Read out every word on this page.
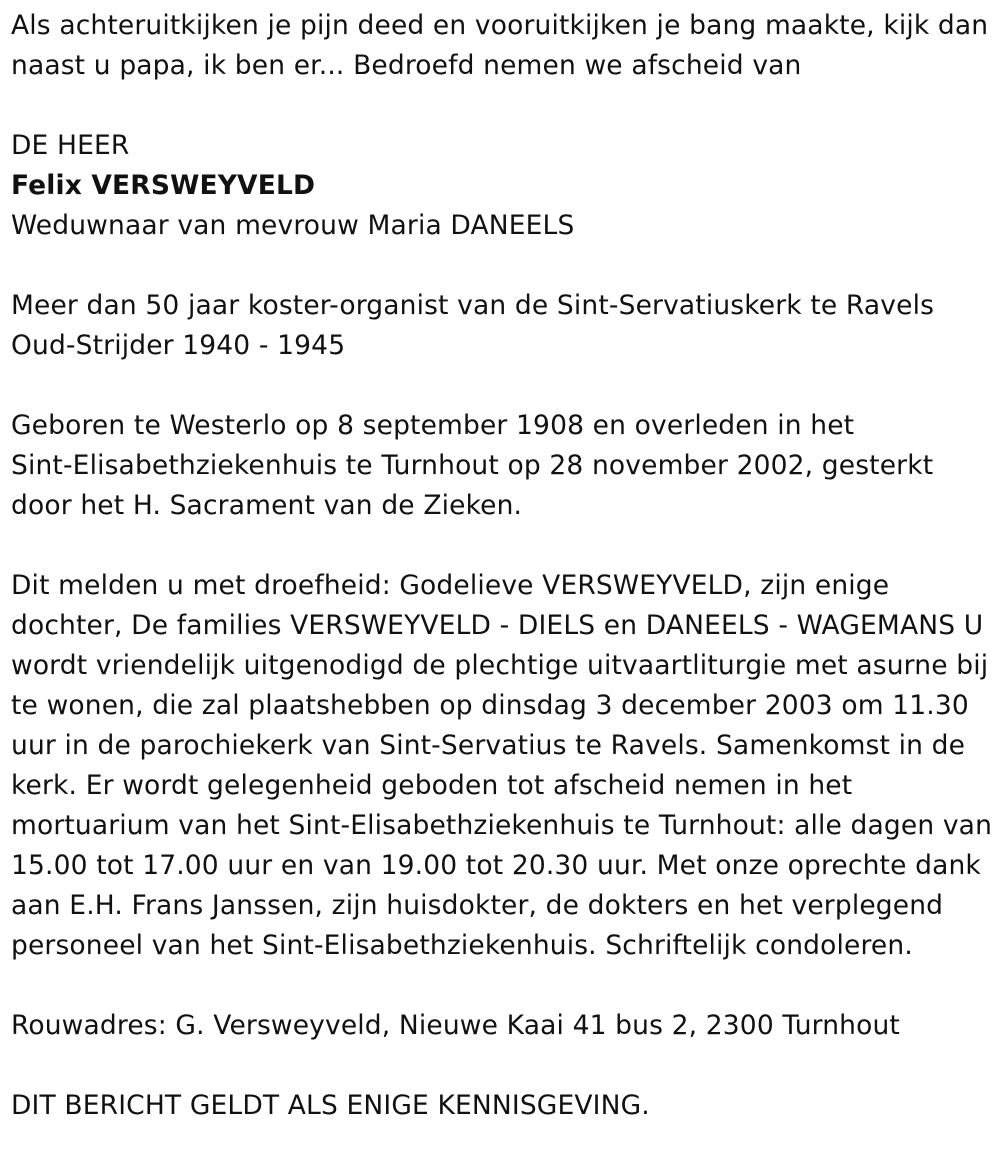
Als achteruitkijken je pijn deed en vooruitkijken je bang maakte, kijk dan
naast u papa, ik ben er... Bedroefd nemen we afscheid van

DE HEER
Felix VERSWEYVELD
Weduwnaar van mevrouw Maria DANEELS

Meer dan 50 jaar koster-organist van de Sint-Servatiuskerk te Ravels
Oud-Strijder 1940 - 1945

Geboren te Westerlo op 8 september 1908 en overleden in het
Sint-Elisabethziekenhuis te Turnhout op 28 november 2002, gesterkt
door het H. Sacrament van de Zieken.

Dit melden u met droefheid: Godelieve VERSWEYVELD, zijn enige
dochter, De families VERSWEYVELD - DIELS en DANEELS - WAGEMANS U
wordt vriendelijk uitgenodigd de plechtige uitvaartliturgie met asurne bij
te wonen, die zal plaatshebben op dinsdag 3 december 2003 om 11.30
uur in de parochiekerk van Sint-Servatius te Ravels. Samenkomst in de
kerk. Er wordt gelegenheid geboden tot afscheid nemen in het
mortuarium van het Sint-Elisabethziekenhuis te Turnhout: alle dagen van
15.00 tot 17.00 uur en van 19.00 tot 20.30 uur. Met onze oprechte dank
aan E.H. Frans Janssen, zijn huisdokter, de dokters en het verplegend
personeel van het Sint-Elisabethziekenhuis. Schriftelijk condoleren.

Rouwadres: G. Versweyveld, Nieuwe Kaai 41 bus 2, 2300 Turnhout

DIT BERICHT GELDT ALS ENIGE KENNISGEVING.
